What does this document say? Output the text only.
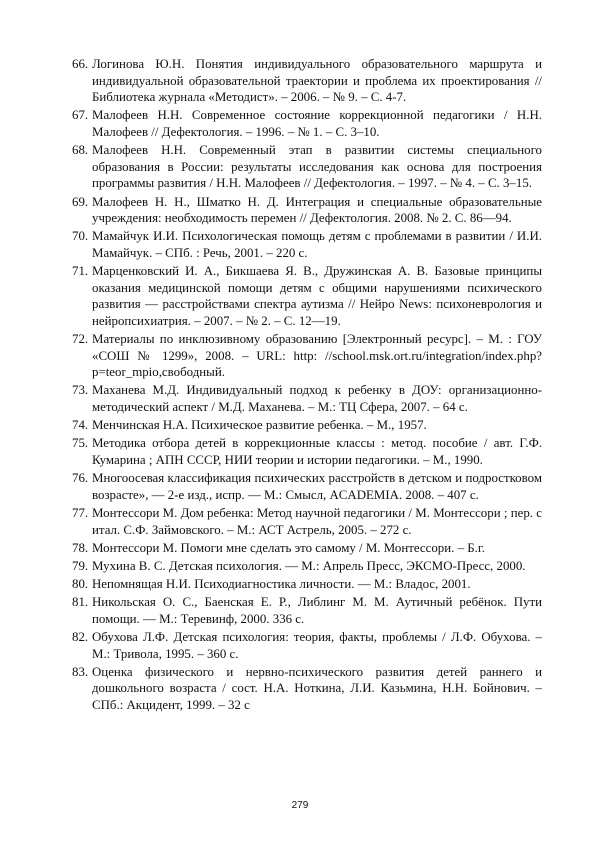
66. Логинова Ю.Н. Понятия индивидуального образовательного маршрута и индивидуальной образовательной траектории и проблема их проектирования // Библиотека журнала «Методист». – 2006. – № 9. – С. 4-7.
67. Малофеев Н.Н. Современное состояние коррекционной педагогики / Н.Н. Малофеев // Дефектология. – 1996. – № 1. – С. 3–10.
68. Малофеев Н.Н. Современный этап в развитии системы специального образования в России: результаты исследования как основа для построения программы развития / Н.Н. Малофеев // Дефектология. – 1997. – № 4. – С. 3–15.
69. Малофеев Н. Н., Шматко Н. Д. Интеграция и специальные образовательные учреждения: необходимость перемен // Дефектология. 2008. № 2. С. 86—94.
70. Мамайчук И.И. Психологическая помощь детям с проблемами в развитии / И.И. Мамайчук. – СПб. : Речь, 2001. – 220 с.
71. Марценковский И. А., Бикшаева Я. В., Дружинская А. В. Базовые принципы оказания медицинской помощи детям с общими нарушениями психического развития — расстройствами спектра аутизма // Нейро News: психоневрология и нейропсихиатрия. – 2007. – № 2. – С. 12—19.
72. Материалы по инклюзивному образованию [Электронный ресурс]. – М. : ГОУ «СОШ № 1299», 2008. – URL: http: //school.msk.ort.ru/integration/index.php?p=teor_mpio,свободный.
73. Маханева М.Д. Индивидуальный подход к ребенку в ДОУ: организационно-методический аспект / М.Д. Маханева. – М.: ТЦ Сфера, 2007. – 64 с.
74. Менчинская Н.А. Психическое развитие ребенка. – М., 1957.
75. Методика отбора детей в коррекционные классы : метод. пособие / авт. Г.Ф. Кумарина ; АПН СССР, НИИ теории и истории педагогики. – М., 1990.
76. Многоосевая классификация психических расстройств в детском и подростковом возрасте», — 2-е изд., испр. — М.: Смысл, ACADEMIA. 2008. – 407 с.
77. Монтессори М. Дом ребенка: Метод научной педагогики / М. Монтессори ; пер. с итал. С.Ф. Займовского. – М.: АСТ Астрель, 2005. – 272 с.
78. Монтессори М. Помоги мне сделать это самому / М. Монтессори. – Б.г.
79. Мухина В. С. Детская психология. — М.: Апрель Пресс, ЭКСМО-Пресс, 2000.
80. Непомнящая Н.И. Психодиагностика личности. — М.: Владос, 2001.
81. Никольская О. С., Баенская Е. Р., Либлинг М. М. Аутичный ребёнок. Пути помощи. — М.: Теревинф, 2000. 336 с.
82. Обухова Л.Ф. Детская психология: теория, факты, проблемы / Л.Ф. Обухова. – М.: Тривола, 1995. – 360 с.
83. Оценка физического и нервно-психического развития детей раннего и дошкольного возраста / сост. Н.А. Ноткина, Л.И. Казьмина, Н.Н. Бойнович. – СПб.: Акцидент, 1999. – 32 с
279
